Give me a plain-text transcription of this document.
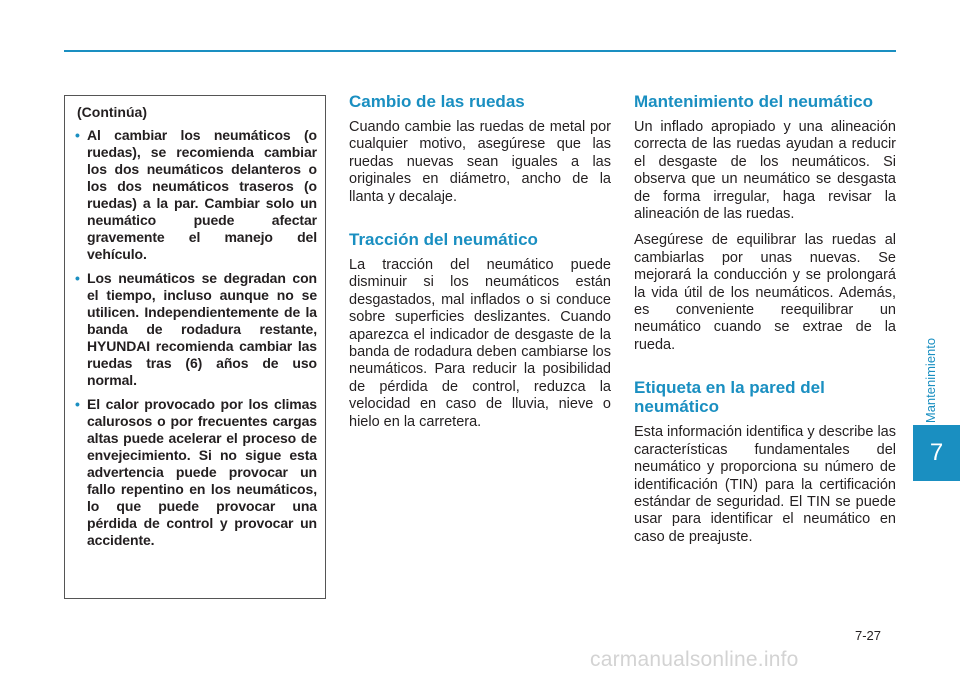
Mantenimiento
7

(Continúa)

• Al cambiar los neumáticos (o ruedas), se recomienda cambiar los dos neumáticos delanteros o los dos neumáticos traseros (o ruedas) a la par. Cambiar solo un neumático puede afectar gravemente el manejo del vehículo.
• Los neumáticos se degradan con el tiempo, incluso aunque no se utilicen. Independientemente de la banda de rodadura restante, HYUNDAI recomienda cambiar las ruedas tras (6) años de uso normal.
• El calor provocado por los climas calurosos o por frecuentes cargas altas puede acelerar el proceso de envejecimiento. Si no sigue esta advertencia puede provocar un fallo repentino en los neumáticos, lo que puede provocar una pérdida de control y provocar un accidente.
Cambio de las ruedas

Cuando cambie las ruedas de metal por cualquier motivo, asegúrese que las ruedas nuevas sean iguales a las originales en diámetro, ancho de la llanta y decalaje.

Tracción del neumático

La tracción del neumático puede disminuir si los neumáticos están desgastados, mal inflados o si conduce sobre superficies deslizantes. Cuando aparezca el indicador de desgaste de la banda de rodadura deben cambiarse los neumáticos. Para reducir la posibilidad de pérdida de control, reduzca la velocidad en caso de lluvia, nieve o hielo en la carretera.

Mantenimiento del neumático

Un inflado apropiado y una alineación correcta de las ruedas ayudan a reducir el desgaste de los neumáticos. Si observa que un neumático se desgasta de forma irregular, haga revisar la alineación de las ruedas.

Asegúrese de equilibrar las ruedas al cambiarlas por unas nuevas. Se mejorará la conducción y se prolongará la vida útil de los neumáticos. Además, es conveniente reequilibrar un neumático cuando se extrae de la rueda.

Etiqueta en la pared del neumático

Esta información identifica y describe las características fundamentales del neumático y proporciona su número de identificación (TIN) para la certificación estándar de seguridad. El TIN se puede usar para identificar el neumático en caso de preajuste.

7-27
carmanualsonline.info
